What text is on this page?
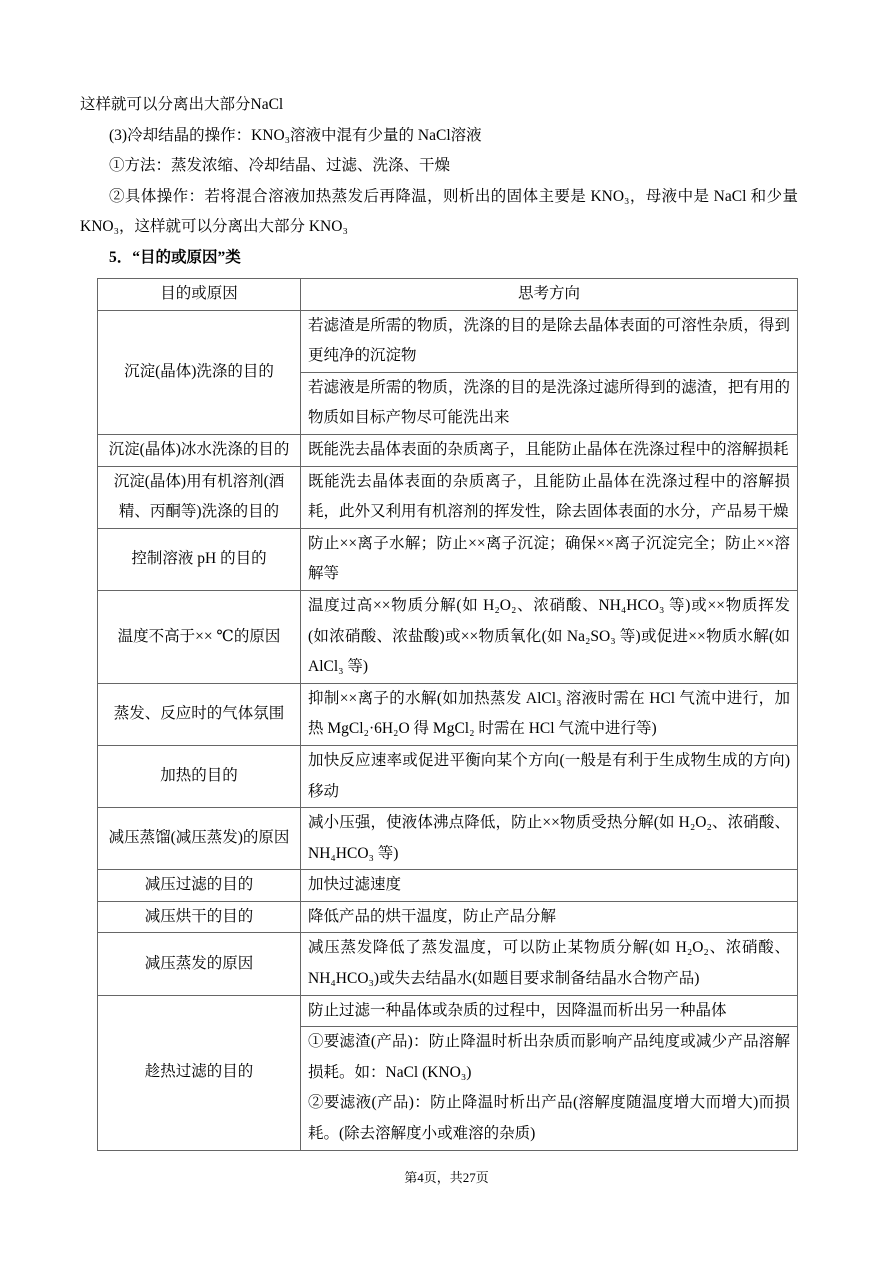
这样就可以分离出大部分NaCl

(3)冷却结晶的操作：KNO₃溶液中混有少量的 NaCl溶液

①方法：蒸发浓缩、冷却结晶、过滤、洗涤、干燥

②具体操作：若将混合溶液加热蒸发后再降温，则析出的固体主要是 KNO₃，母液中是 NaCl 和少量 KNO₃，这样就可以分离出大部分 KNO₃

5．“目的或原因”类

目的或原因	思考方向
沉淀(晶体)洗涤的目的	若滤渣是所需的物质，洗涤的目的是除去晶体表面的可溶性杂质，得到更纯净的沉淀物
	若滤液是所需的物质，洗涤的目的是洗涤过滤所得到的滤渣，把有用的物质如目标产物尽可能洗出来
沉淀(晶体)冰水洗涤的目的	既能洗去晶体表面的杂质离子，且能防止晶体在洗涤过程中的溶解损耗
沉淀(晶体)用有机溶剂(酒精、丙酮等)洗涤的目的	既能洗去晶体表面的杂质离子，且能防止晶体在洗涤过程中的溶解损耗，此外又利用有机溶剂的挥发性，除去固体表面的水分，产品易干燥
控制溶液 pH 的目的	防止××离子水解；防止××离子沉淀；确保××离子沉淀完全；防止××溶解等
温度不高于×× ℃的原因	温度过高××物质分解(如 H₂O₂、浓硝酸、NH₄HCO₃ 等)或××物质挥发(如浓硝酸、浓盐酸)或××物质氧化(如 Na₂SO₃ 等)或促进××物质水解(如 AlCl₃ 等)
蒸发、反应时的气体氛围	抑制××离子的水解(如加热蒸发 AlCl₃ 溶液时需在 HCl 气流中进行，加热 MgCl₂·6H₂O 得 MgCl₂ 时需在 HCl 气流中进行等)
加热的目的	加快反应速率或促进平衡向某个方向(一般是有利于生成物生成的方向)移动
减压蒸馏(减压蒸发)的原因	减小压强，使液体沸点降低，防止××物质受热分解(如 H₂O₂、浓硝酸、NH₄HCO₃ 等)
减压过滤的目的	加快过滤速度
减压烘干的目的	降低产品的烘干温度，防止产品分解
减压蒸发的原因	减压蒸发降低了蒸发温度，可以防止某物质分解(如 H₂O₂、浓硝酸、NH₄HCO₃)或失去结晶水(如题目要求制备结晶水合物产品)
趁热过滤的目的	防止过滤一种晶体或杂质的过程中，因降温而析出另一种晶体

	①要滤渣(产品)：防止降温时析出杂质而影响产品纯度或减少产品溶解损耗。如：NaCl (KNO₃)
②要滤液(产品)：防止降温时析出产品(溶解度随温度增大而增大)而损耗。(除去溶解度小或难溶的杂质)
第4页，共27页
